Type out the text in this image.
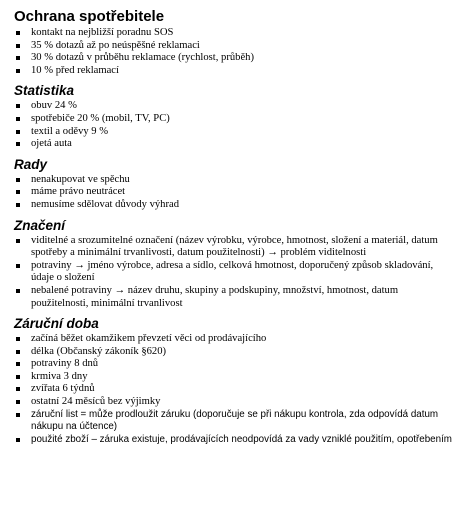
Ochrana spotřebitele
kontakt na nejbližší poradnu SOS
35 % dotazů až po neúspěšné reklamaci
30 % dotazů v průběhu reklamace (rychlost, průběh)
10 % před reklamací
Statistika
obuv 24 %
spotřebiče 20 % (mobil, TV, PC)
textil a oděvy 9 %
ojetá auta
Rady
nenakupovat ve spěchu
máme právo neutrácet
nemusíme sdělovat důvody výhrad
Značení
viditelné a srozumitelné označení (název výrobku, výrobce, hmotnost, složení a materiál, datum spotřeby a minimální trvanlivosti, datum použitelnosti) → problém viditelnosti
potraviny → jméno výrobce, adresa a sídlo, celková hmotnost, doporučený způsob skladování, údaje o složení
nebalené potraviny → název druhu, skupiny a podskupiny, množství, hmotnost, datum použitelnosti, minimální trvanlivost
Záruční doba
začíná běžet okamžikem převzetí věci od prodávajícího
délka (Občanský zákoník §620)
potraviny 8 dnů
krmiva 3 dny
zvířata 6 týdnů
ostatní 24 měsíců bez výjimky
záruční list = může prodloužit záruku (doporučuje se při nákupu kontrola, zda odpovídá datum nákupu na účtence)
použité zboží – záruka existuje, prodávajících neodpovídá za vady vzniklé použitím, opotřebením
